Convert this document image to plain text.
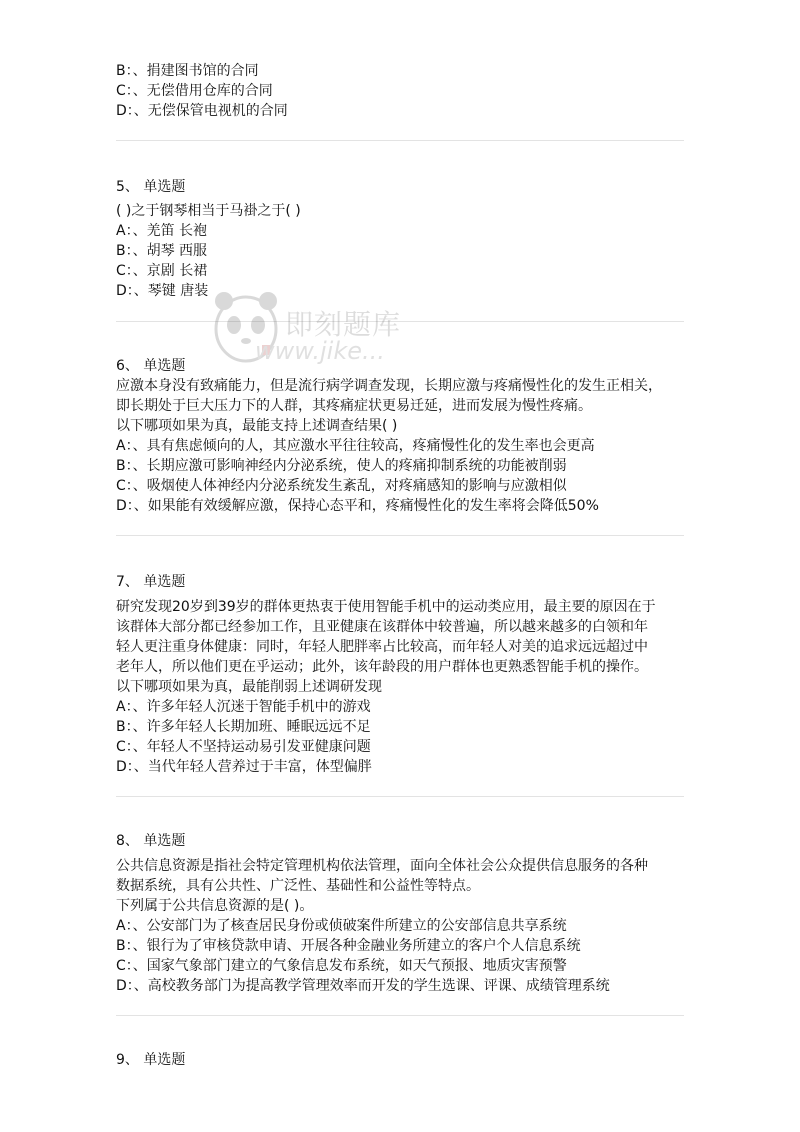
B：、捐建图书馆的合同
C：、无偿借用仓库的合同
D：、无偿保管电视机的合同
5、 单选题
( )之于钢琴相当于马褂之于( )
A：、羌笛 长袍
B：、胡琴 西服
C：、京剧 长裙
D：、琴键 唐装
6、 单选题
应激本身没有致痛能力，但是流行病学调查发现，长期应激与疼痛慢性化的发生正相关，
即长期处于巨大压力下的人群，其疼痛症状更易迁延，进而发展为慢性疼痛。
以下哪项如果为真，最能支持上述调查结果( )
A：、具有焦虑倾向的人，其应激水平往往较高，疼痛慢性化的发生率也会更高
B：、长期应激可影响神经内分泌系统，使人的疼痛抑制系统的功能被削弱
C：、吸烟使人体神经内分泌系统发生紊乱，对疼痛感知的影响与应激相似
D：、如果能有效缓解应激，保持心态平和，疼痛慢性化的发生率将会降低50%
7、 单选题
研究发现20岁到39岁的群体更热衷于使用智能手机中的运动类应用，最主要的原因在于
该群体大部分都已经参加工作，且亚健康在该群体中较普遍，所以越来越多的白领和年
轻人更注重身体健康：同时，年轻人肥胖率占比较高，而年轻人对美的追求远远超过中
老年人，所以他们更在乎运动；此外，该年龄段的用户群体也更熟悉智能手机的操作。
以下哪项如果为真，最能削弱上述调研发现
A：、许多年轻人沉迷于智能手机中的游戏
B：、许多年轻人长期加班、睡眠远远不足
C：、年轻人不坚持运动易引发亚健康问题
D：、当代年轻人营养过于丰富，体型偏胖
8、 单选题
公共信息资源是指社会特定管理机构依法管理，面向全体社会公众提供信息服务的各种
数据系统，具有公共性、广泛性、基础性和公益性等特点。
下列属于公共信息资源的是( )。
A：、公安部门为了核查居民身份或侦破案件所建立的公安部信息共享系统
B：、银行为了审核贷款申请、开展各种金融业务所建立的客户个人信息系统
C：、国家气象部门建立的气象信息发布系统，如天气预报、地质灾害预警
D：、高校教务部门为提高教学管理效率而开发的学生选课、评课、成绩管理系统
9、 单选题
即刻题库
www.jike...
